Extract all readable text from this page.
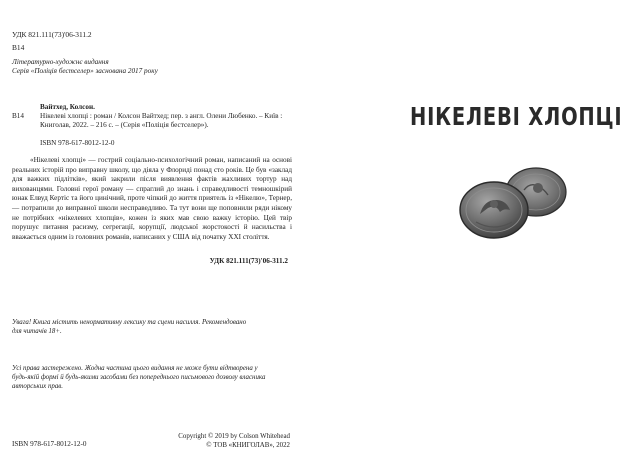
УДК 821.111(73)'06-311.2

В14

Літературно-художнє видання

Серія «Поліція бестселер» заснована 2017 року

Вайтхед, Колсон.

В14 Нікелеві хлопці : роман / Колсон Вайтхед; пер. з англ. Олени Любенко. – Київ : Книголав, 2022. – 216 с. – (Серія «Поліція бестселер»).

ISBN 978-617-8012-12-0

«Нікелеві хлопці» — гострий соціально-психологічний роман, написаний на основі реальних історій про виправну школу, що діяла у Флориді понад сто років. Це був «заклад для важких підлітків», який закрили після виявлення фактів жахливих тортур над вихованцями. Головні герої роману — спраглий до знань і справедливості темношкірий юнак Елвуд Кертіс та його цинічний, проте чіпкий до життя приятель із «Нікелю», Тернер, — потрапили до виправної школи несправедливо. Та тут вони ще поповнили ряди нікому не потрібних «нікелевих хлопців», кожен із яких мав свою важку історію. Цей твір порушує питання расизму, сегрегації, корупції, людської жорстокості й насильства і вважається одним із головних романів, написаних у США від початку XXI століття.

УДК 821.111(73)'06-311.2

Увага! Книга містить ненормативну лексику та сцени насилля. Рекомендовано для читачів 18+.

Усі права застережено. Жодна частина цього видання не може бути відтворена у будь-якій формі й будь-якими засобами без попереднього письмового дозволу власника авторських прав.

Copyright © 2019 by Colson Whitehead
© ТОВ «КНИГОЛАВ», 2022

ISBN 978-617-8012-12-0

НІКЕЛЕВІ ХЛОПЦІ
